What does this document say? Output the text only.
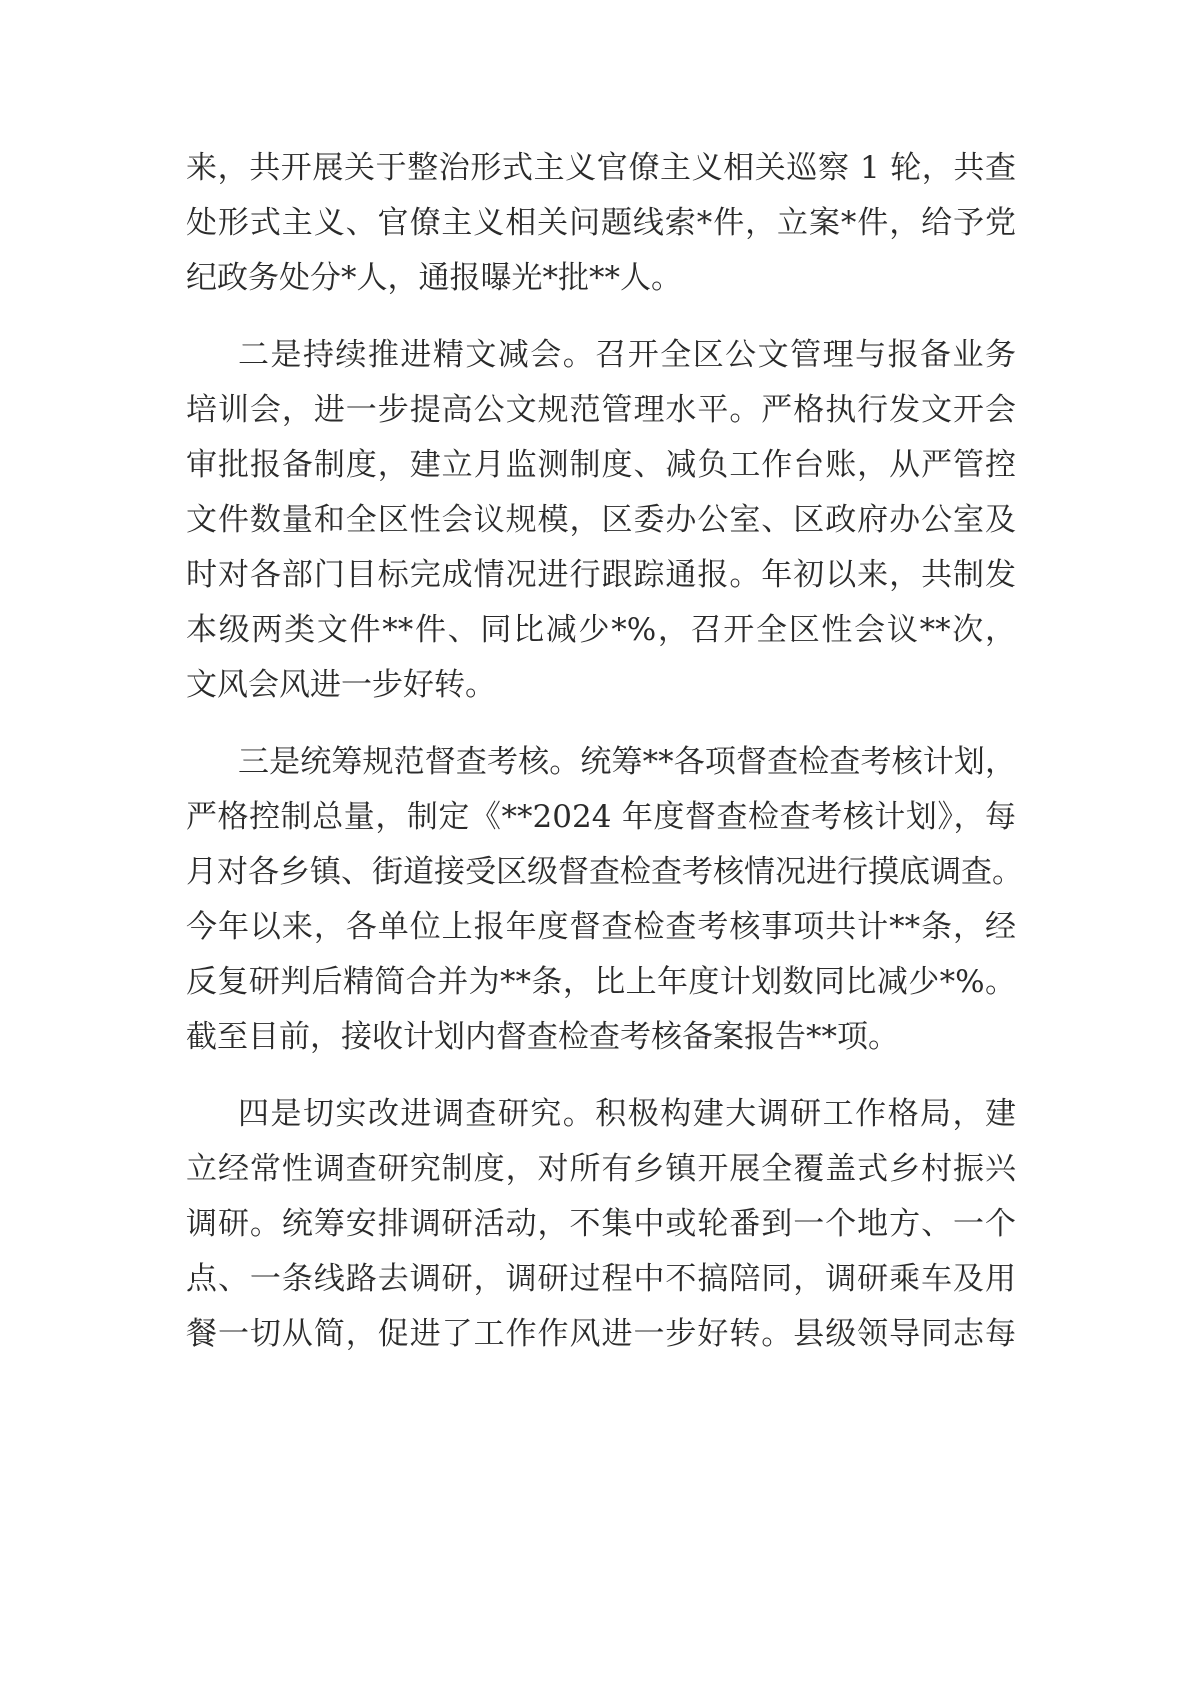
来，共开展关于整治形式主义官僚主义相关巡察 1 轮，共查
处形式主义、官僚主义相关问题线索*件，立案*件，给予党
纪政务处分*人，通报曝光*批**人。
二是持续推进精文减会。召开全区公文管理与报备业务
培训会，进一步提高公文规范管理水平。严格执行发文开会
审批报备制度，建立月监测制度、减负工作台账，从严管控
文件数量和全区性会议规模，区委办公室、区政府办公室及
时对各部门目标完成情况进行跟踪通报。年初以来，共制发
本级两类文件**件、同比减少*%，召开全区性会议**次，
文风会风进一步好转。
三是统筹规范督查考核。统筹**各项督查检查考核计划，
严格控制总量，制定《**2024 年度督查检查考核计划》，每
月对各乡镇、街道接受区级督查检查考核情况进行摸底调查。
今年以来，各单位上报年度督查检查考核事项共计**条，经
反复研判后精简合并为**条，比上年度计划数同比减少*%。
截至目前，接收计划内督查检查考核备案报告**项。
四是切实改进调查研究。积极构建大调研工作格局，建
立经常性调查研究制度，对所有乡镇开展全覆盖式乡村振兴
调研。统筹安排调研活动，不集中或轮番到一个地方、一个
点、一条线路去调研，调研过程中不搞陪同，调研乘车及用
餐一切从简，促进了工作作风进一步好转。县级领导同志每
